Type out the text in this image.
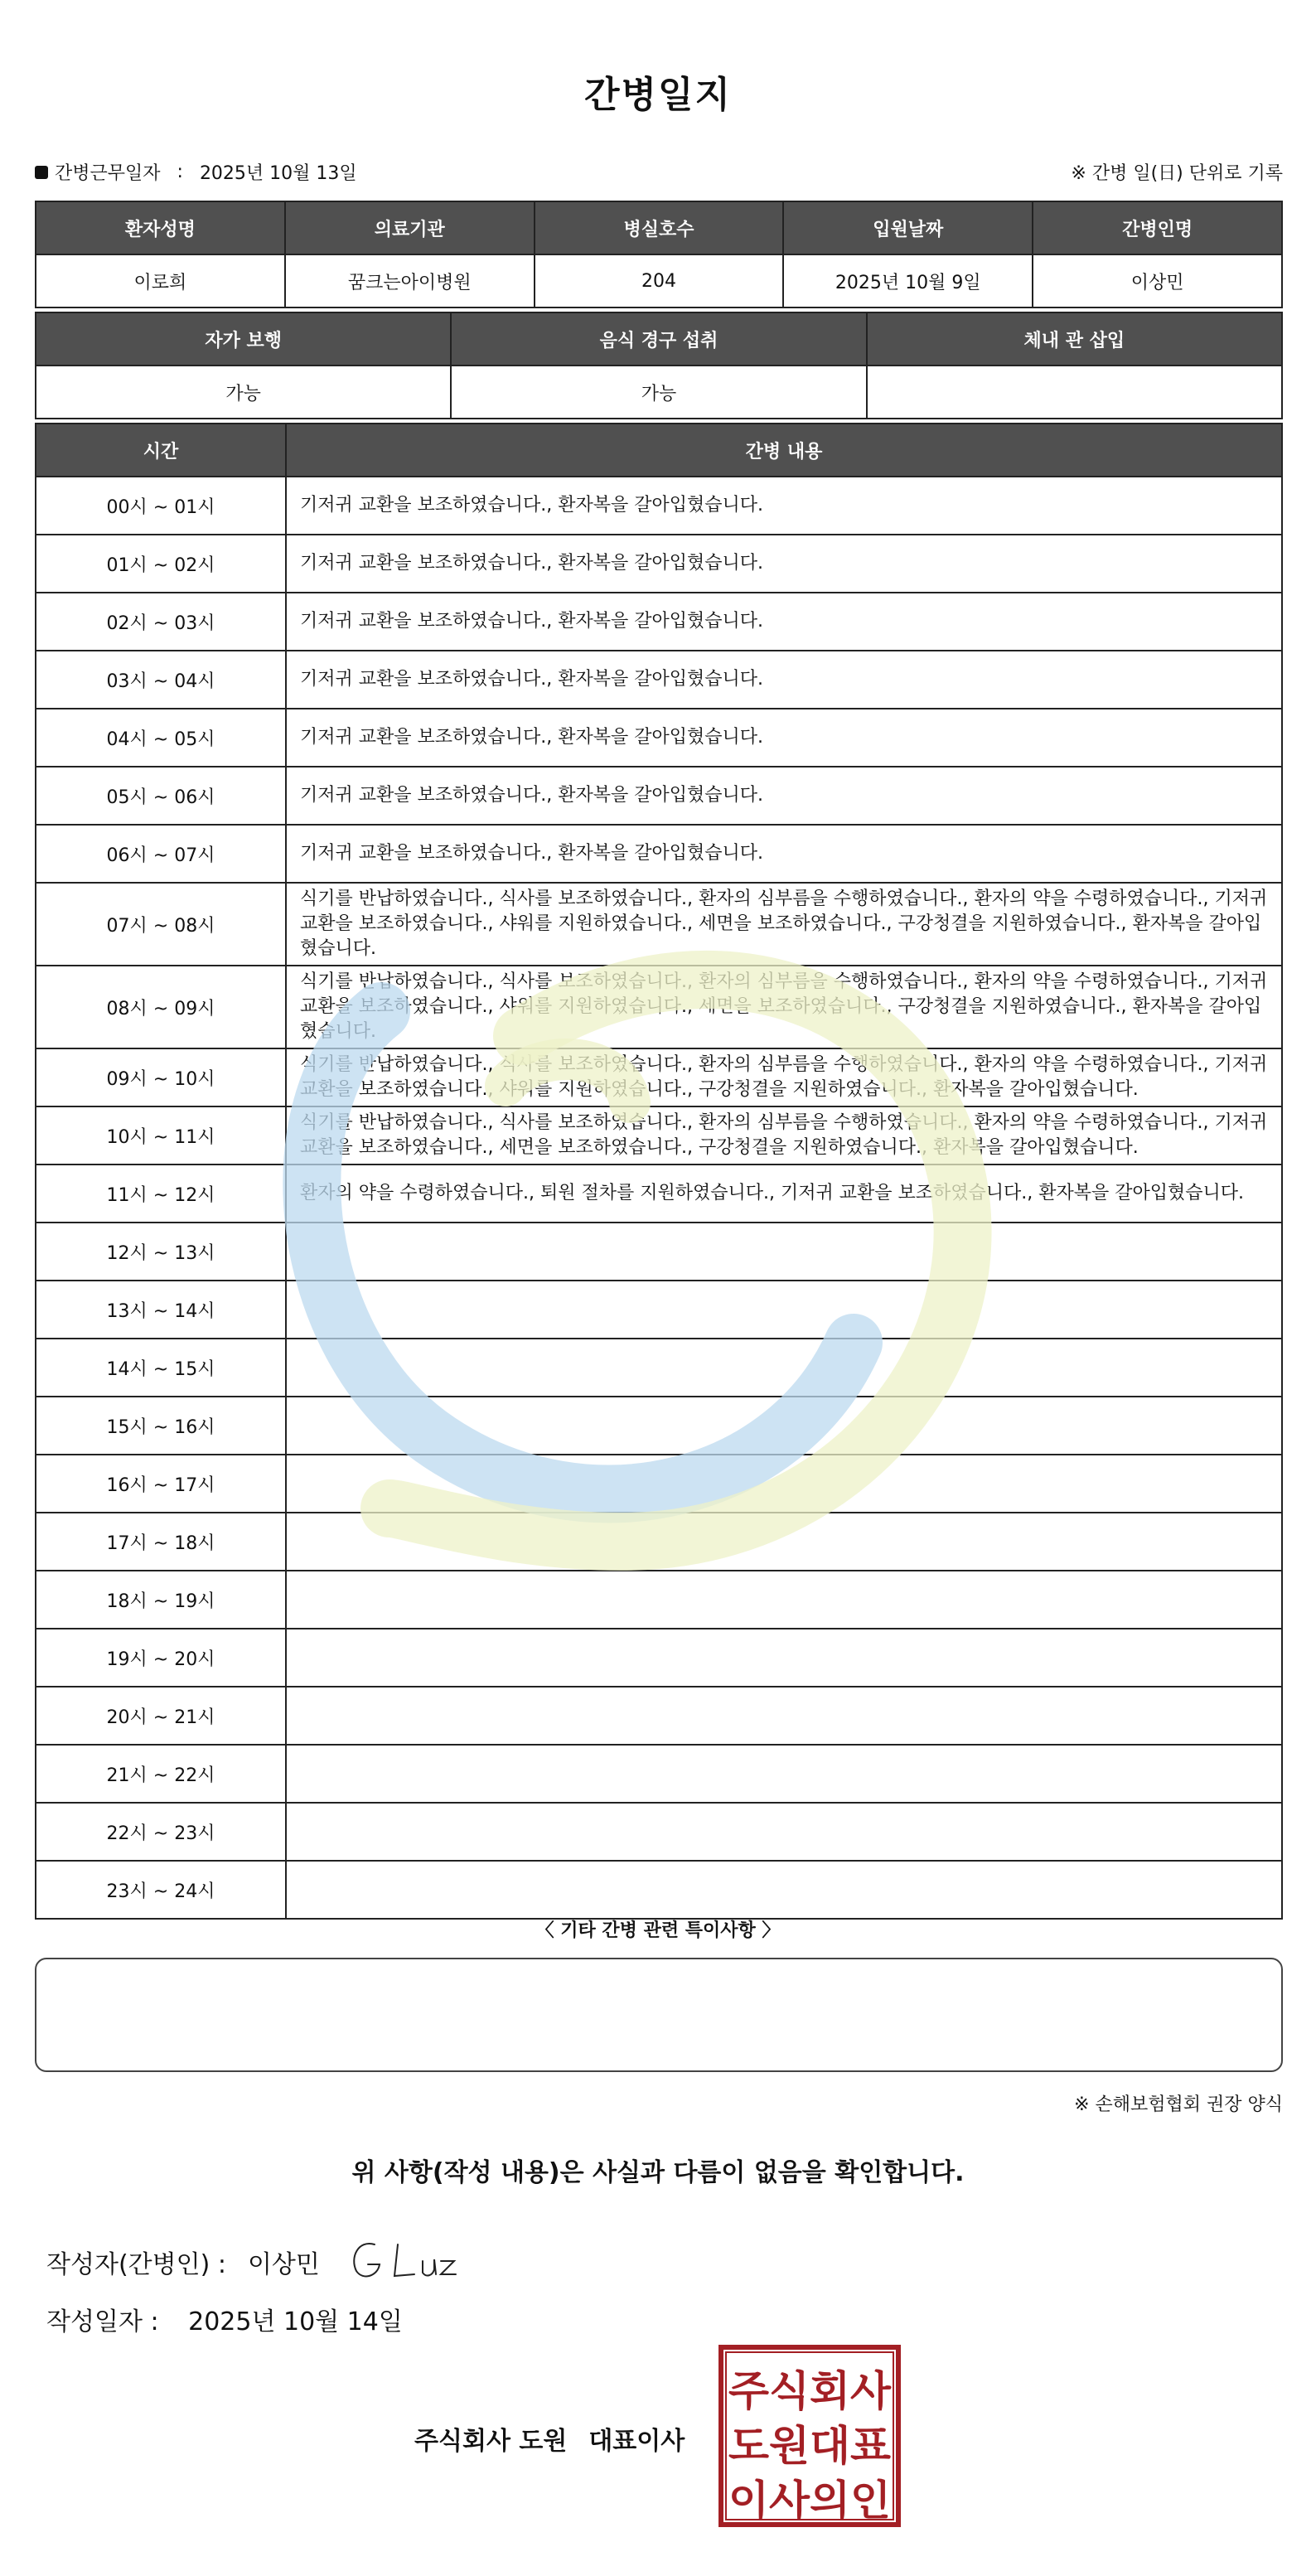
간병일지
간병근무일자 : 2025년 10월 13일	※ 간병 일(日) 단위로 기록
환자성명	의료기관	병실호수	입원날짜	간병인명
이로희	꿈크는아이병원	204	2025년 10월 9일	이상민
자가 보행	음식 경구 섭취	체내 관 삽입
가능	가능	
시간	간병 내용
00시 ~ 01시	기저귀 교환을 보조하였습니다., 환자복을 갈아입혔습니다.
01시 ~ 02시	기저귀 교환을 보조하였습니다., 환자복을 갈아입혔습니다.
02시 ~ 03시	기저귀 교환을 보조하였습니다., 환자복을 갈아입혔습니다.
03시 ~ 04시	기저귀 교환을 보조하였습니다., 환자복을 갈아입혔습니다.
04시 ~ 05시	기저귀 교환을 보조하였습니다., 환자복을 갈아입혔습니다.
05시 ~ 06시	기저귀 교환을 보조하였습니다., 환자복을 갈아입혔습니다.
06시 ~ 07시	기저귀 교환을 보조하였습니다., 환자복을 갈아입혔습니다.
07시 ~ 08시	식기를 반납하였습니다., 식사를 보조하였습니다., 환자의 심부름을 수행하였습니다., 환자의 약을 수령하였습니다., 기저귀 교환을 보조하였습니다., 샤워를 지원하였습니다., 세면을 보조하였습니다., 구강청결을 지원하였습니다., 환자복을 갈아입혔습니다.
08시 ~ 09시	식기를 반납하였습니다., 식사를 보조하였습니다., 환자의 심부름을 수행하였습니다., 환자의 약을 수령하였습니다., 기저귀 교환을 보조하였습니다., 샤워를 지원하였습니다., 세면을 보조하였습니다., 구강청결을 지원하였습니다., 환자복을 갈아입혔습니다.
09시 ~ 10시	식기를 반납하였습니다., 식사를 보조하였습니다., 환자의 심부름을 수행하였습니다., 환자의 약을 수령하였습니다., 기저귀 교환을 보조하였습니다., 샤워를 지원하였습니다., 구강청결을 지원하였습니다., 환자복을 갈아입혔습니다.
10시 ~ 11시	식기를 반납하였습니다., 식사를 보조하였습니다., 환자의 심부름을 수행하였습니다., 환자의 약을 수령하였습니다., 기저귀 교환을 보조하였습니다., 세면을 보조하였습니다., 구강청결을 지원하였습니다., 환자복을 갈아입혔습니다.
11시 ~ 12시	환자의 약을 수령하였습니다., 퇴원 절차를 지원하였습니다., 기저귀 교환을 보조하였습니다., 환자복을 갈아입혔습니다.
12시 ~ 13시	
13시 ~ 14시	
14시 ~ 15시	
15시 ~ 16시	
16시 ~ 17시	
17시 ~ 18시	
18시 ~ 19시	
19시 ~ 20시	
20시 ~ 21시	
21시 ~ 22시	
22시 ~ 23시	
23시 ~ 24시	
〈 기타 간병 관련 특이사항 〉
※ 손해보험협회 권장 양식
위 사항(작성 내용)은 사실과 다름이 없음을 확인합니다.
작성자(간병인) : 이상민
작성일자 : 2025년 10월 14일
주식회사 도원 대표이사
주식회사
도원대표
이사의인
